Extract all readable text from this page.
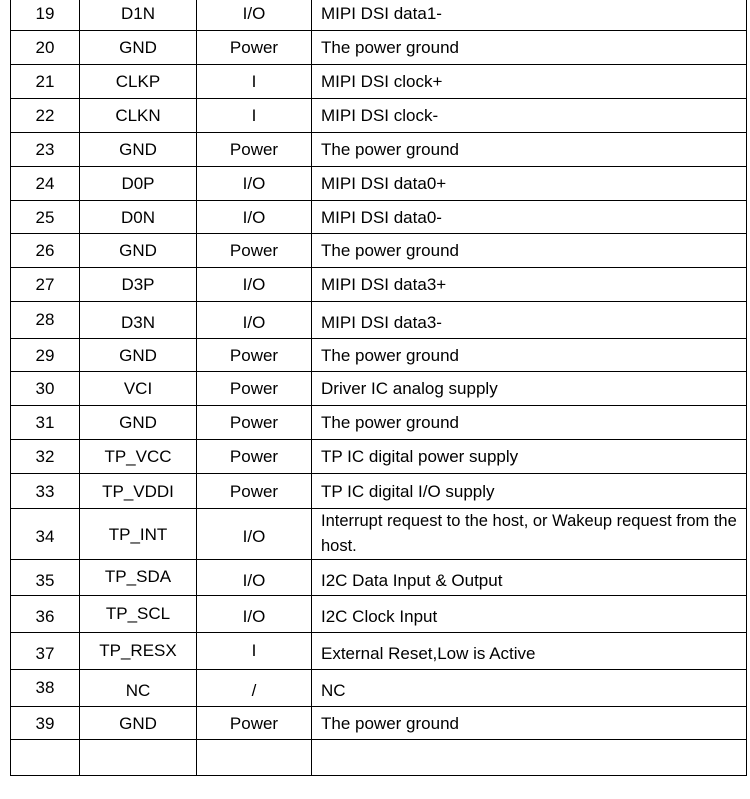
19	D1N	I/O	MIPI DSI data1-
20	GND	Power	The power ground
21	CLKP	I	MIPI DSI clock+
22	CLKN	I	MIPI DSI clock-
23	GND	Power	The power ground
24	D0P	I/O	MIPI DSI data0+
25	D0N	I/O	MIPI DSI data0-
26	GND	Power	The power ground
27	D3P	I/O	MIPI DSI data3+
28	D3N	I/O	MIPI DSI data3-
29	GND	Power	The power ground
30	VCI	Power	Driver IC analog supply
31	GND	Power	The power ground
32	TP_VCC	Power	TP IC digital power supply
33	TP_VDDI	Power	TP IC digital I/O supply
34	TP_INT	I/O	Interrupt request to the host, or Wakeup request from the host.
35	TP_SDA	I/O	I2C Data Input & Output
36	TP_SCL	I/O	I2C Clock Input
37	TP_RESX	I	External Reset,Low is Active
38	NC	/	NC
39	GND	Power	The power ground
